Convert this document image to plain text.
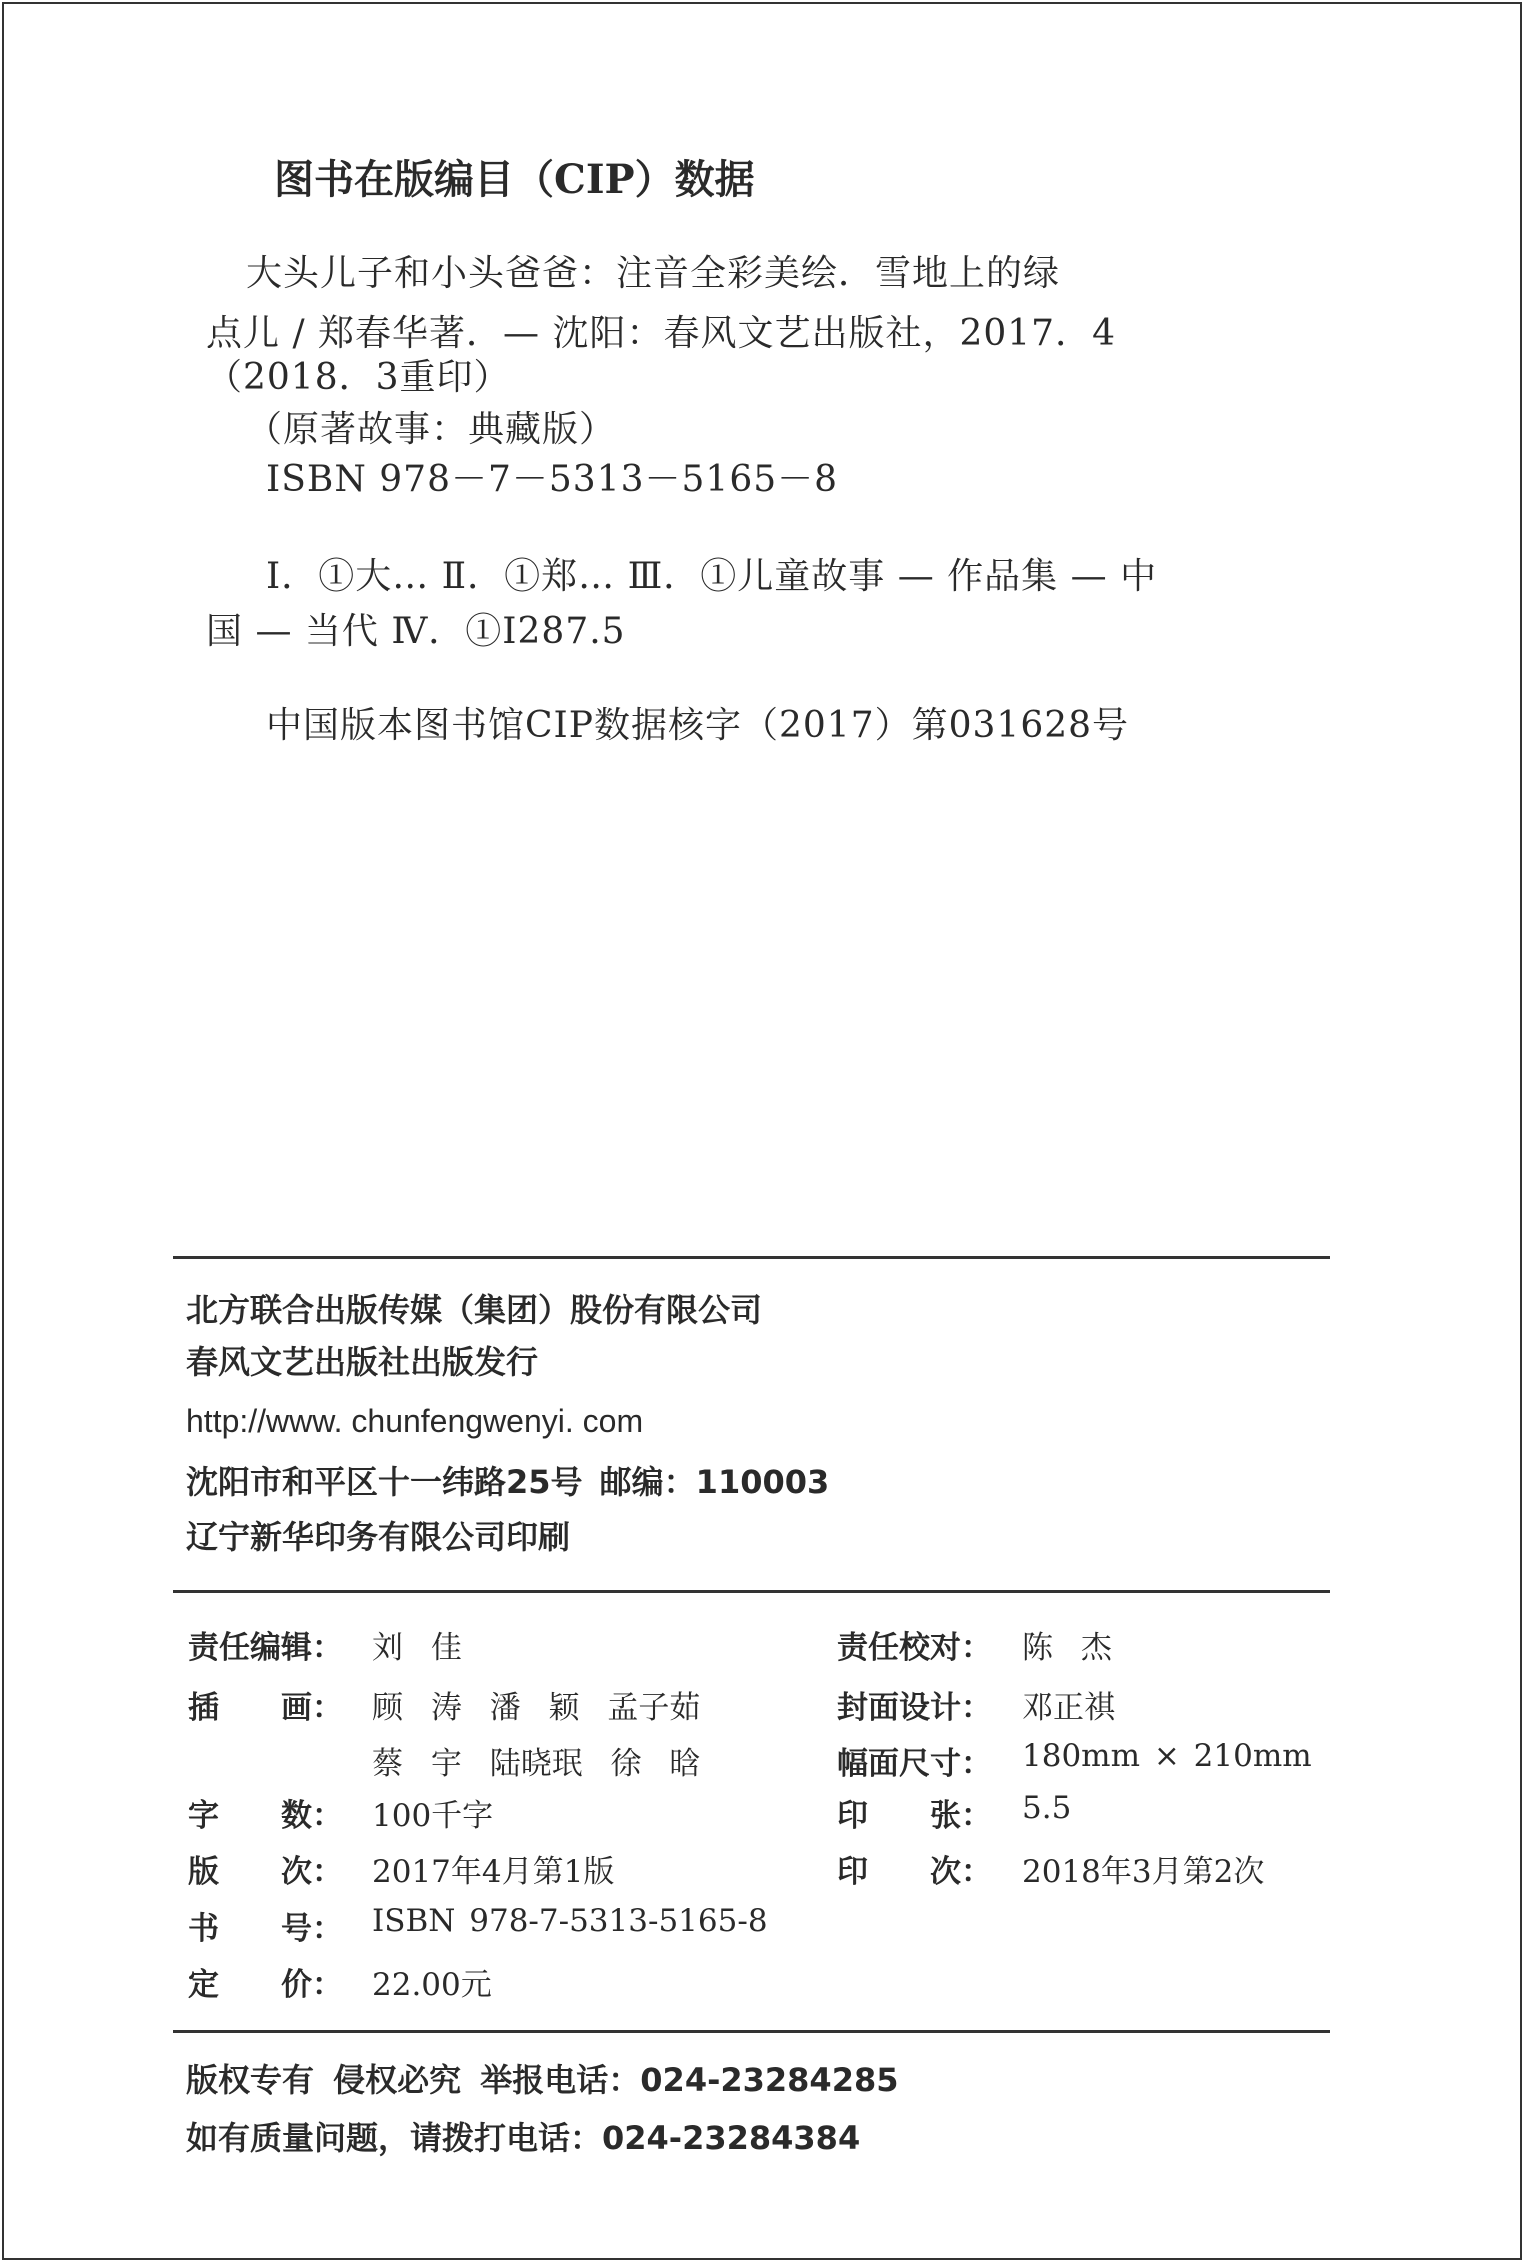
图书在版编目（CIP）数据
大头儿子和小头爸爸：注音全彩美绘．雪地上的绿
点儿 / 郑春华著．— 沈阳：春风文艺出版社，2017．4
（2018．3重印）
（原著故事：典藏版）
ISBN 978－7－5313－5165－8
Ⅰ．①大… Ⅱ．①郑… Ⅲ．①儿童故事 — 作品集 — 中
国 — 当代 Ⅳ．①I287.5
中国版本图书馆CIP数据核字（2017）第031628号
北方联合出版传媒（集团）股份有限公司
春风文艺出版社出版发行
http://www. chunfengwenyi. com
沈阳市和平区十一纬路25号 邮编：110003
辽宁新华印务有限公司印刷
责任编辑： 刘 佳
插　　画： 顾 涛 潘 颖 孟子茹
蔡 宇 陆晓珉 徐 晗
字　　数： 100千字
版　　次： 2017年4月第1版
书　　号： ISBN 978-7-5313-5165-8
定　　价： 22.00元
责任校对： 陈 杰
封面设计： 邓正祺
幅面尺寸： 180mm × 210mm
印　　张： 5.5
印　　次： 2018年3月第2次
版权专有 侵权必究 举报电话：024-23284285
如有质量问题，请拨打电话：024-23284384
